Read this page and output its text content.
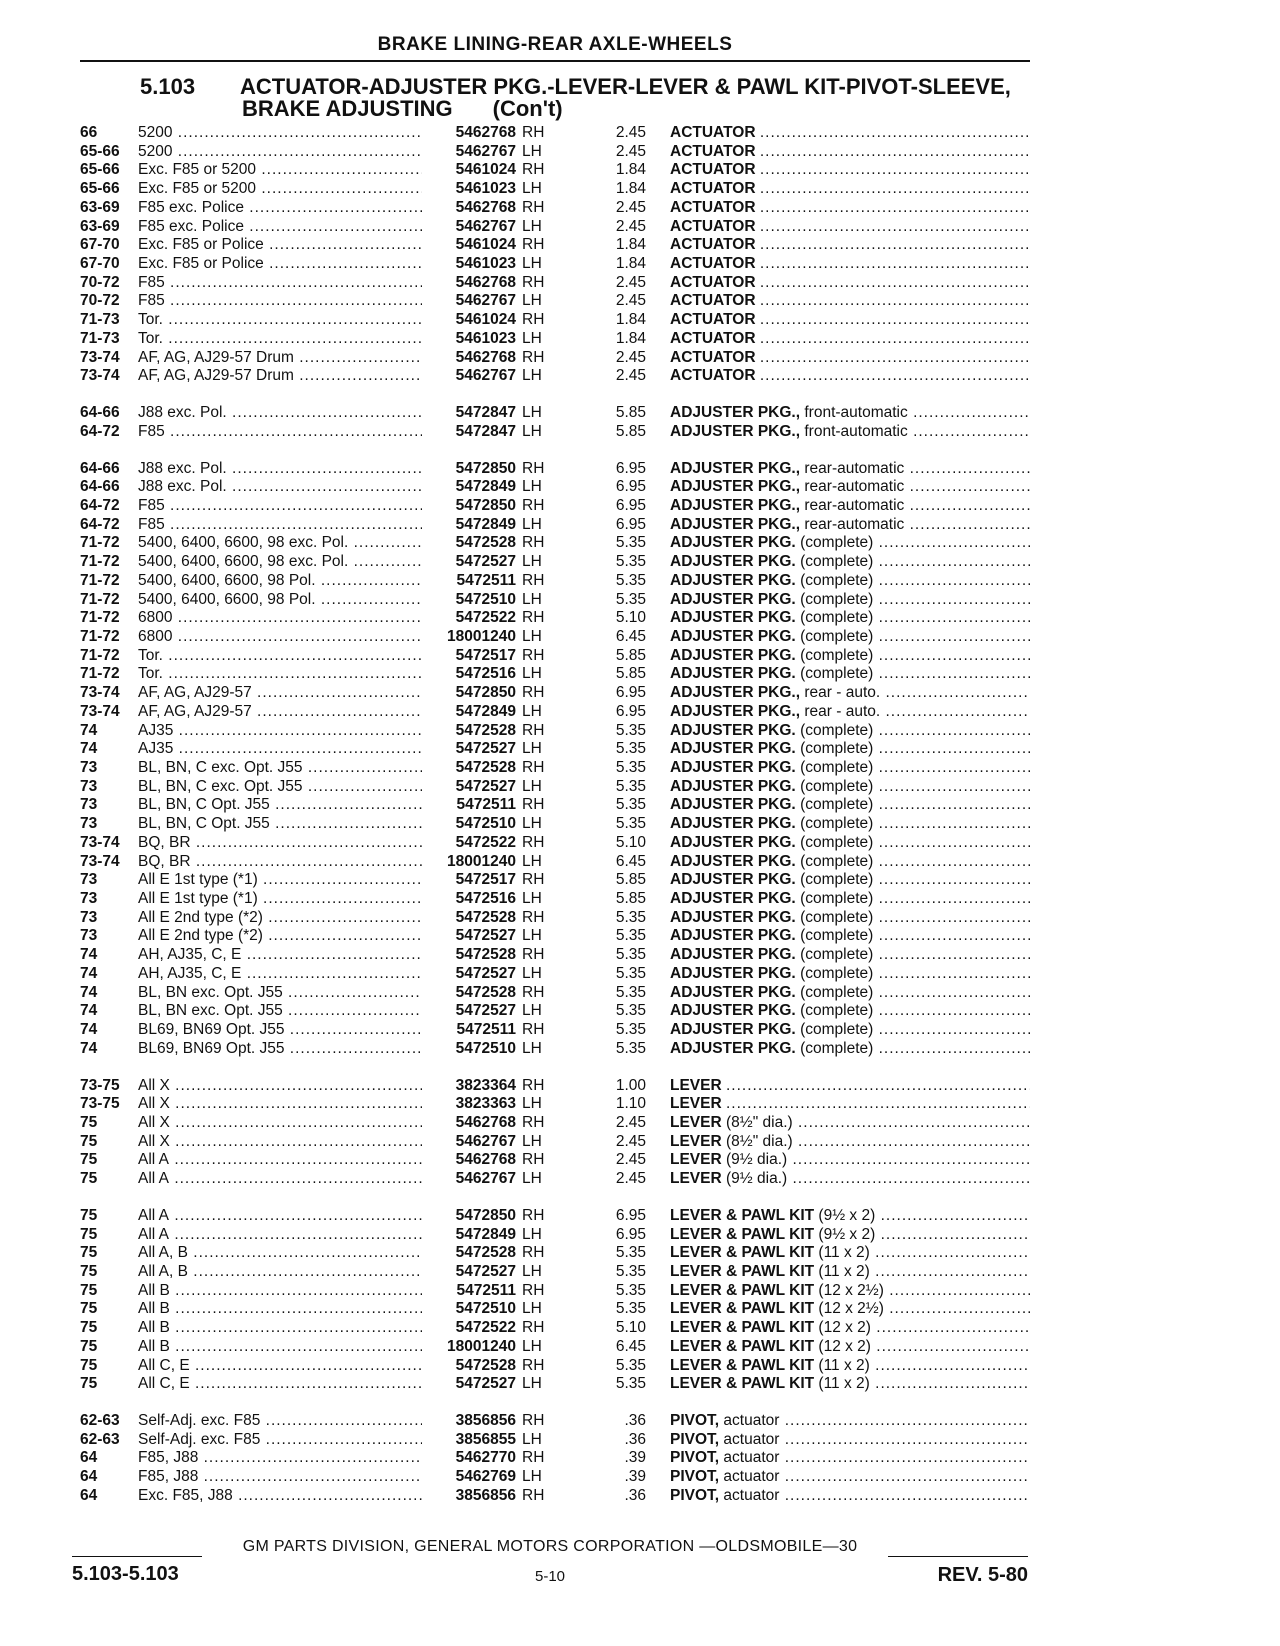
BRAKE LINING-REAR AXLE-WHEELS
5.103 ACTUATOR-ADJUSTER PKG.-LEVER-LEVER & PAWL KIT-PIVOT-SLEEVE,
BRAKE ADJUSTING (Con't)
66	5200 .....	5462768 RH	2.45 ACTUATOR .....
65-66	5200 .....	5462767 LH	2.45 ACTUATOR .....
65-66	Exc. F85 or 5200 .....	5461024 RH	1.84 ACTUATOR .....
65-66	Exc. F85 or 5200 .....	5461023 LH	1.84 ACTUATOR .....
63-69	F85 exc. Police .....	5462768 RH	2.45 ACTUATOR .....
63-69	F85 exc. Police .....	5462767 LH	2.45 ACTUATOR .....
67-70	Exc. F85 or Police .....	5461024 RH	1.84 ACTUATOR .....
67-70	Exc. F85 or Police .....	5461023 LH	1.84 ACTUATOR .....
70-72	F85 .....	5462768 RH	2.45 ACTUATOR .....
70-72	F85 .....	5462767 LH	2.45 ACTUATOR .....
71-73	Tor. .....	5461024 RH	1.84 ACTUATOR .....
71-73	Tor. .....	5461023 LH	1.84 ACTUATOR .....
73-74	AF, AG, AJ29-57 Drum .....	5462768 RH	2.45 ACTUATOR .....
73-74	AF, AG, AJ29-57 Drum .....	5462767 LH	2.45 ACTUATOR .....
64-66	J88 exc. Pol. .....	5472847 LH	5.85 ADJUSTER PKG., front-automatic .....
64-72	F85 .....	5472847 LH	5.85 ADJUSTER PKG., front-automatic .....
64-66	J88 exc. Pol. .....	5472850 RH	6.95 ADJUSTER PKG., rear-automatic .....
64-66	J88 exc. Pol. .....	5472849 LH	6.95 ADJUSTER PKG., rear-automatic .....
64-72	F85 .....	5472850 RH	6.95 ADJUSTER PKG., rear-automatic .....
64-72	F85 .....	5472849 LH	6.95 ADJUSTER PKG., rear-automatic .....
71-72	5400, 6400, 6600, 98 exc. Pol. .....	5472528 RH	5.35 ADJUSTER PKG. (complete) .....
71-72	5400, 6400, 6600, 98 exc. Pol. .....	5472527 LH	5.35 ADJUSTER PKG. (complete) .....
71-72	5400, 6400, 6600, 98 Pol. .....	5472511 RH	5.35 ADJUSTER PKG. (complete) .....
71-72	5400, 6400, 6600, 98 Pol. .....	5472510 LH	5.35 ADJUSTER PKG. (complete) .....
71-72	6800 .....	5472522 RH	5.10 ADJUSTER PKG. (complete) .....
71-72	6800 .....	18001240 LH	6.45 ADJUSTER PKG. (complete) .....
71-72	Tor. .....	5472517 RH	5.85 ADJUSTER PKG. (complete) .....
71-72	Tor. .....	5472516 LH	5.85 ADJUSTER PKG. (complete) .....
73-74	AF, AG, AJ29-57 .....	5472850 RH	6.95 ADJUSTER PKG., rear - auto. .....
73-74	AF, AG, AJ29-57 .....	5472849 LH	6.95 ADJUSTER PKG., rear - auto. .....
74	AJ35 .....	5472528 RH	5.35 ADJUSTER PKG. (complete) .....
74	AJ35 .....	5472527 LH	5.35 ADJUSTER PKG. (complete) .....
73	BL, BN, C exc. Opt. J55 .....	5472528 RH	5.35 ADJUSTER PKG. (complete) .....
73	BL, BN, C exc. Opt. J55 .....	5472527 LH	5.35 ADJUSTER PKG. (complete) .....
73	BL, BN, C Opt. J55 .....	5472511 RH	5.35 ADJUSTER PKG. (complete) .....
73	BL, BN, C Opt. J55 .....	5472510 LH	5.35 ADJUSTER PKG. (complete) .....
73-74	BQ, BR .....	5472522 RH	5.10 ADJUSTER PKG. (complete) .....
73-74	BQ, BR .....	18001240 LH	6.45 ADJUSTER PKG. (complete) .....
73	All E 1st type (*1) .....	5472517 RH	5.85 ADJUSTER PKG. (complete) .....
73	All E 1st type (*1) .....	5472516 LH	5.85 ADJUSTER PKG. (complete) .....
73	All E 2nd type (*2) .....	5472528 RH	5.35 ADJUSTER PKG. (complete) .....
73	All E 2nd type (*2) .....	5472527 LH	5.35 ADJUSTER PKG. (complete) .....
74	AH, AJ35, C, E .....	5472528 RH	5.35 ADJUSTER PKG. (complete) .....
74	AH, AJ35, C, E .....	5472527 LH	5.35 ADJUSTER PKG. (complete) .....
74	BL, BN exc. Opt. J55 .....	5472528 RH	5.35 ADJUSTER PKG. (complete) .....
74	BL, BN exc. Opt. J55 .....	5472527 LH	5.35 ADJUSTER PKG. (complete) .....
74	BL69, BN69 Opt. J55 .....	5472511 RH	5.35 ADJUSTER PKG. (complete) .....
74	BL69, BN69 Opt. J55 .....	5472510 LH	5.35 ADJUSTER PKG. (complete) .....
73-75	All X .....	3823364 RH	1.00 LEVER .....
73-75	All X .....	3823363 LH	1.10 LEVER .....
75	All X .....	5462768 RH	2.45 LEVER (8½" dia.) .....
75	All X .....	5462767 LH	2.45 LEVER (8½" dia.) .....
75	All A .....	5462768 RH	2.45 LEVER (9½ dia.) .....
75	All A .....	5462767 LH	2.45 LEVER (9½ dia.) .....
75	All A .....	5472850 RH	6.95 LEVER & PAWL KIT (9½ x 2) .....
75	All A .....	5472849 LH	6.95 LEVER & PAWL KIT (9½ x 2) .....
75	All A, B .....	5472528 RH	5.35 LEVER & PAWL KIT (11 x 2) .....
75	All A, B .....	5472527 LH	5.35 LEVER & PAWL KIT (11 x 2) .....
75	All B .....	5472511 RH	5.35 LEVER & PAWL KIT (12 x 2½) .....
75	All B .....	5472510 LH	5.35 LEVER & PAWL KIT (12 x 2½) .....
75	All B .....	5472522 RH	5.10 LEVER & PAWL KIT (12 x 2) .....
75	All B .....	18001240 LH	6.45 LEVER & PAWL KIT (12 x 2) .....
75	All C, E .....	5472528 RH	5.35 LEVER & PAWL KIT (11 x 2) .....
75	All C, E .....	5472527 LH	5.35 LEVER & PAWL KIT (11 x 2) .....
62-63	Self-Adj. exc. F85 .....	3856856 RH	.36 PIVOT, actuator .....
62-63	Self-Adj. exc. F85 .....	3856855 LH	.36 PIVOT, actuator .....
64	F85, J88 .....	5462770 RH	.39 PIVOT, actuator .....
64	F85, J88 .....	5462769 LH	.39 PIVOT, actuator .....
64	Exc. F85, J88 .....	3856856 RH	.36 PIVOT, actuator .....
GM PARTS DIVISION, GENERAL MOTORS CORPORATION —OLDSMOBILE—30
5.103-5.103	5-10	REV. 5-80
